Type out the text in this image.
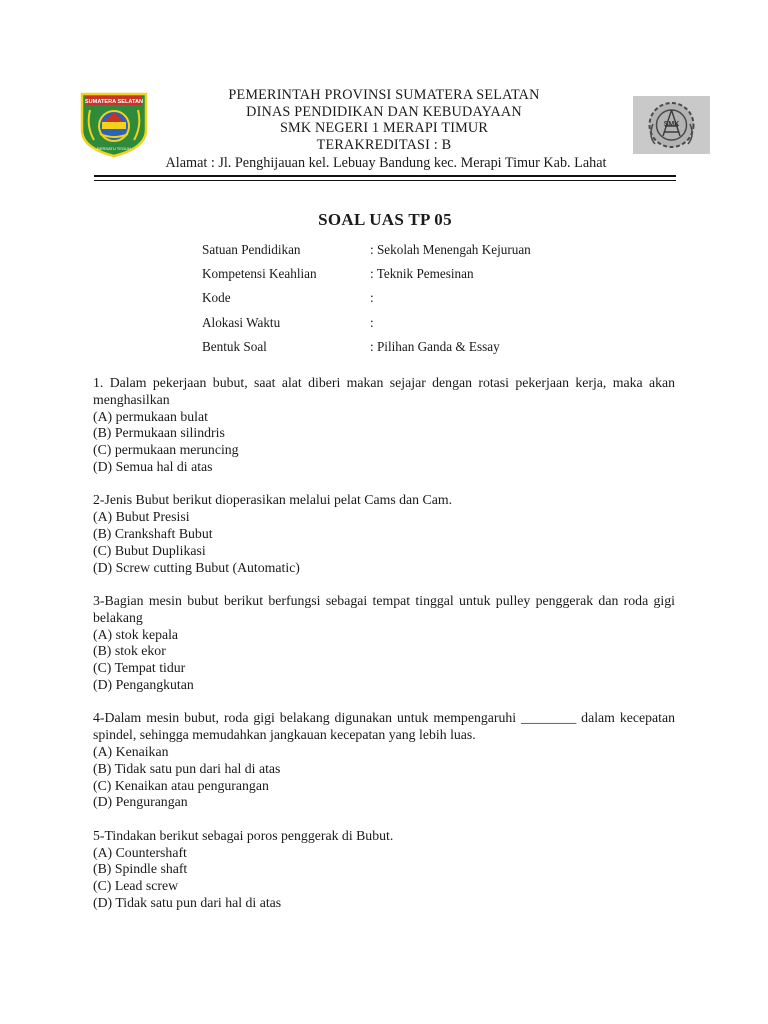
SUMATERA SELATAN
BERSATU TEGUH
PEMERINTAH PROVINSI SUMATERA SELATAN
DINAS PENDIDIKAN DAN KEBUDAYAAN
SMK NEGERI 1 MERAPI TIMUR
TERAKREDITASI : B
SMK
Alamat : Jl. Penghijauan kel. Lebuay Bandung kec. Merapi Timur Kab. Lahat
SOAL UAS TP 05
Satuan Pendidikan	: Sekolah Menengah Kejuruan
Kompetensi Keahlian	: Teknik Pemesinan
Kode	:
Alokasi Waktu	:
Bentuk Soal	: Pilihan Ganda & Essay
1. Dalam pekerjaan bubut, saat alat diberi makan sejajar dengan rotasi pekerjaan kerja, maka akan menghasilkan
(A) permukaan bulat
(B) Permukaan silindris
(C) permukaan meruncing
(D) Semua hal di atas
2-Jenis Bubut berikut dioperasikan melalui pelat Cams dan Cam.
(A) Bubut Presisi
(B) Crankshaft Bubut
(C) Bubut Duplikasi
(D) Screw cutting Bubut (Automatic)
3-Bagian mesin bubut berikut berfungsi sebagai tempat tinggal untuk pulley penggerak dan roda gigi belakang
(A) stok kepala
(B) stok ekor
(C) Tempat tidur
(D) Pengangkutan
4-Dalam mesin bubut, roda gigi belakang digunakan untuk mempengaruhi ________ dalam kecepatan spindel, sehingga memudahkan jangkauan kecepatan yang lebih luas.
(A) Kenaikan
(B) Tidak satu pun dari hal di atas
(C) Kenaikan atau pengurangan
(D) Pengurangan
5-Tindakan berikut sebagai poros penggerak di Bubut.
(A) Countershaft
(B) Spindle shaft
(C) Lead screw
(D) Tidak satu pun dari hal di atas
